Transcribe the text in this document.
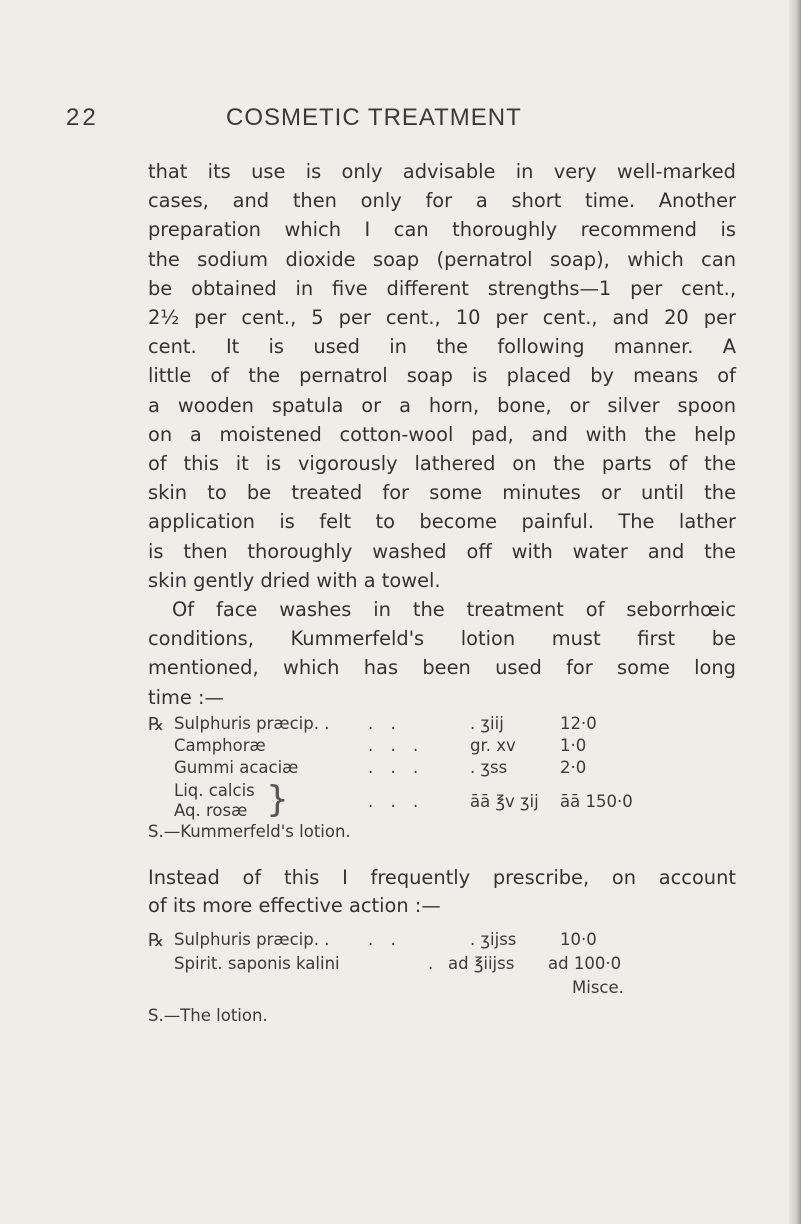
22	COSMETIC TREATMENT

that its use is only advisable in very well-marked

cases, and then only for a short time. Another

preparation which I can thoroughly recommend is

the sodium dioxide soap (pernatrol soap), which can

be obtained in five different strengths—1 per cent.,

2½ per cent., 5 per cent., 10 per cent., and 20 per

cent. It is used in the following manner. A

little of the pernatrol soap is placed by means of

a wooden spatula or a horn, bone, or silver spoon

on a moistened cotton-wool pad, and with the help

of this it is vigorously lathered on the parts of the

skin to be treated for some minutes or until the

application is felt to become painful. The lather

is then thoroughly washed off with water and the

skin gently dried with a towel.

Of face washes in the treatment of seborrhœic

conditions, Kummerfeld's lotion must first be

mentioned, which has been used for some long

time :—

℞ Sulphuris præcip. . . .	. ʒiij	12·0
Camphoræ	. . .	gr. xv	1·0
Gummi acaciæ	. . .	. ʒss	2·0
Liq. calcis
Aq. rosæ }	. . .	āā ℥v ʒij āā 150·0
S.—Kummerfeld's lotion.

Instead of this I frequently prescribe, on account

of its more effective action :—

℞ Sulphuris præcip. . . .	. ʒijss	10·0
Spirit. saponis kalini	. ad ℥iijss ad 100·0
Misce.
S.—The lotion.
